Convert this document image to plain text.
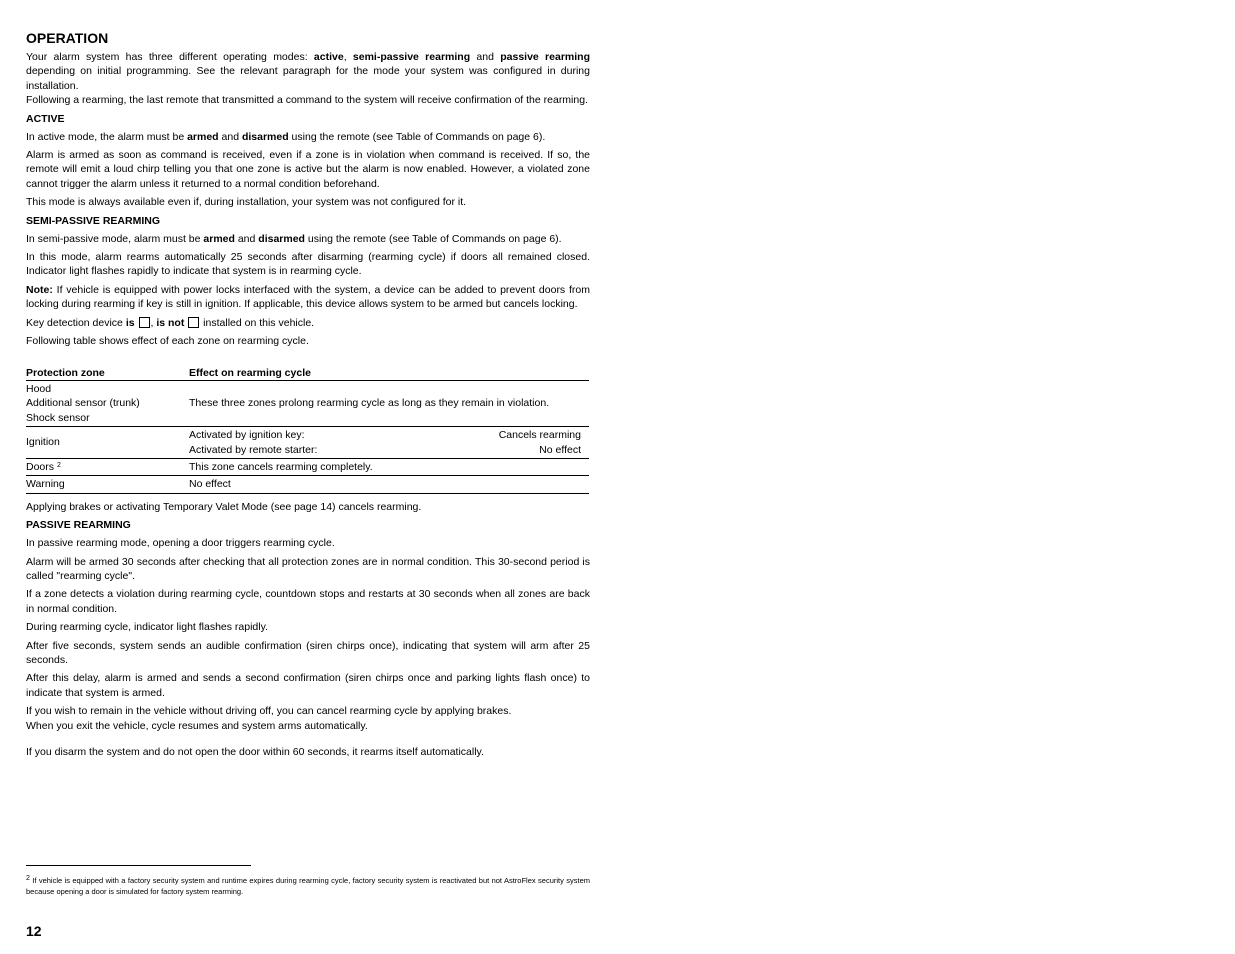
OPERATION

Your alarm system has three different operating modes: active, semi-passive rearming and passive rearming depending on initial programming. See the relevant paragraph for the mode your system was configured in during installation.

Following a rearming, the last remote that transmitted a command to the system will receive confirmation of the rearming.

ACTIVE

In active mode, the alarm must be armed and disarmed using the remote (see Table of Commands on page 6).

Alarm is armed as soon as command is received, even if a zone is in violation when command is received. If so, the remote will emit a loud chirp telling you that one zone is active but the alarm is now enabled. However, a violated zone cannot trigger the alarm unless it returned to a normal condition beforehand.

This mode is always available even if, during installation, your system was not configured for it.

SEMI-PASSIVE REARMING

In semi-passive mode, alarm must be armed and disarmed using the remote (see Table of Commands on page 6).

In this mode, alarm rearms automatically 25 seconds after disarming (rearming cycle) if doors all remained closed. Indicator light flashes rapidly to indicate that system is in rearming cycle.

Note: If vehicle is equipped with power locks interfaced with the system, a device can be added to prevent doors from locking during rearming if key is still in ignition. If applicable, this device allows system to be armed but cancels locking.

Key detection device is , is not  installed on this vehicle.

Following table shows effect of each zone on rearming cycle.

Protection zone	Effect on rearming cycle

Hood
Additional sensor (trunk)
Shock sensor	These three zones prolong rearming cycle as long as they remain in violation.
Ignition	Activated by ignition key: Cancels rearming
Activated by remote starter: No effect

Doors $^2$	This zone cancels rearming completely.
Warning	No effect

Applying brakes or activating Temporary Valet Mode (see page 14) cancels rearming.

PASSIVE REARMING

In passive rearming mode, opening a door triggers rearming cycle.

Alarm will be armed 30 seconds after checking that all protection zones are in normal condition. This 30-second period is called "rearming cycle".

If a zone detects a violation during rearming cycle, countdown stops and restarts at 30 seconds when all zones are back in normal condition.

During rearming cycle, indicator light flashes rapidly.

After five seconds, system sends an audible confirmation (siren chirps once), indicating that system will arm after 25 seconds.

After this delay, alarm is armed and sends a second confirmation (siren chirps once and parking lights flash once) to indicate that system is armed.

If you wish to remain in the vehicle without driving off, you can cancel rearming cycle by applying brakes.

When you exit the vehicle, cycle resumes and system arms automatically.

If you disarm the system and do not open the door within 60 seconds, it rearms itself automatically.

$^2$ If vehicle is equipped with a factory security system and runtime expires during rearming cycle, factory security system is reactivated but not AstroFlex security system because opening a door is simulated for factory system rearming.
12
